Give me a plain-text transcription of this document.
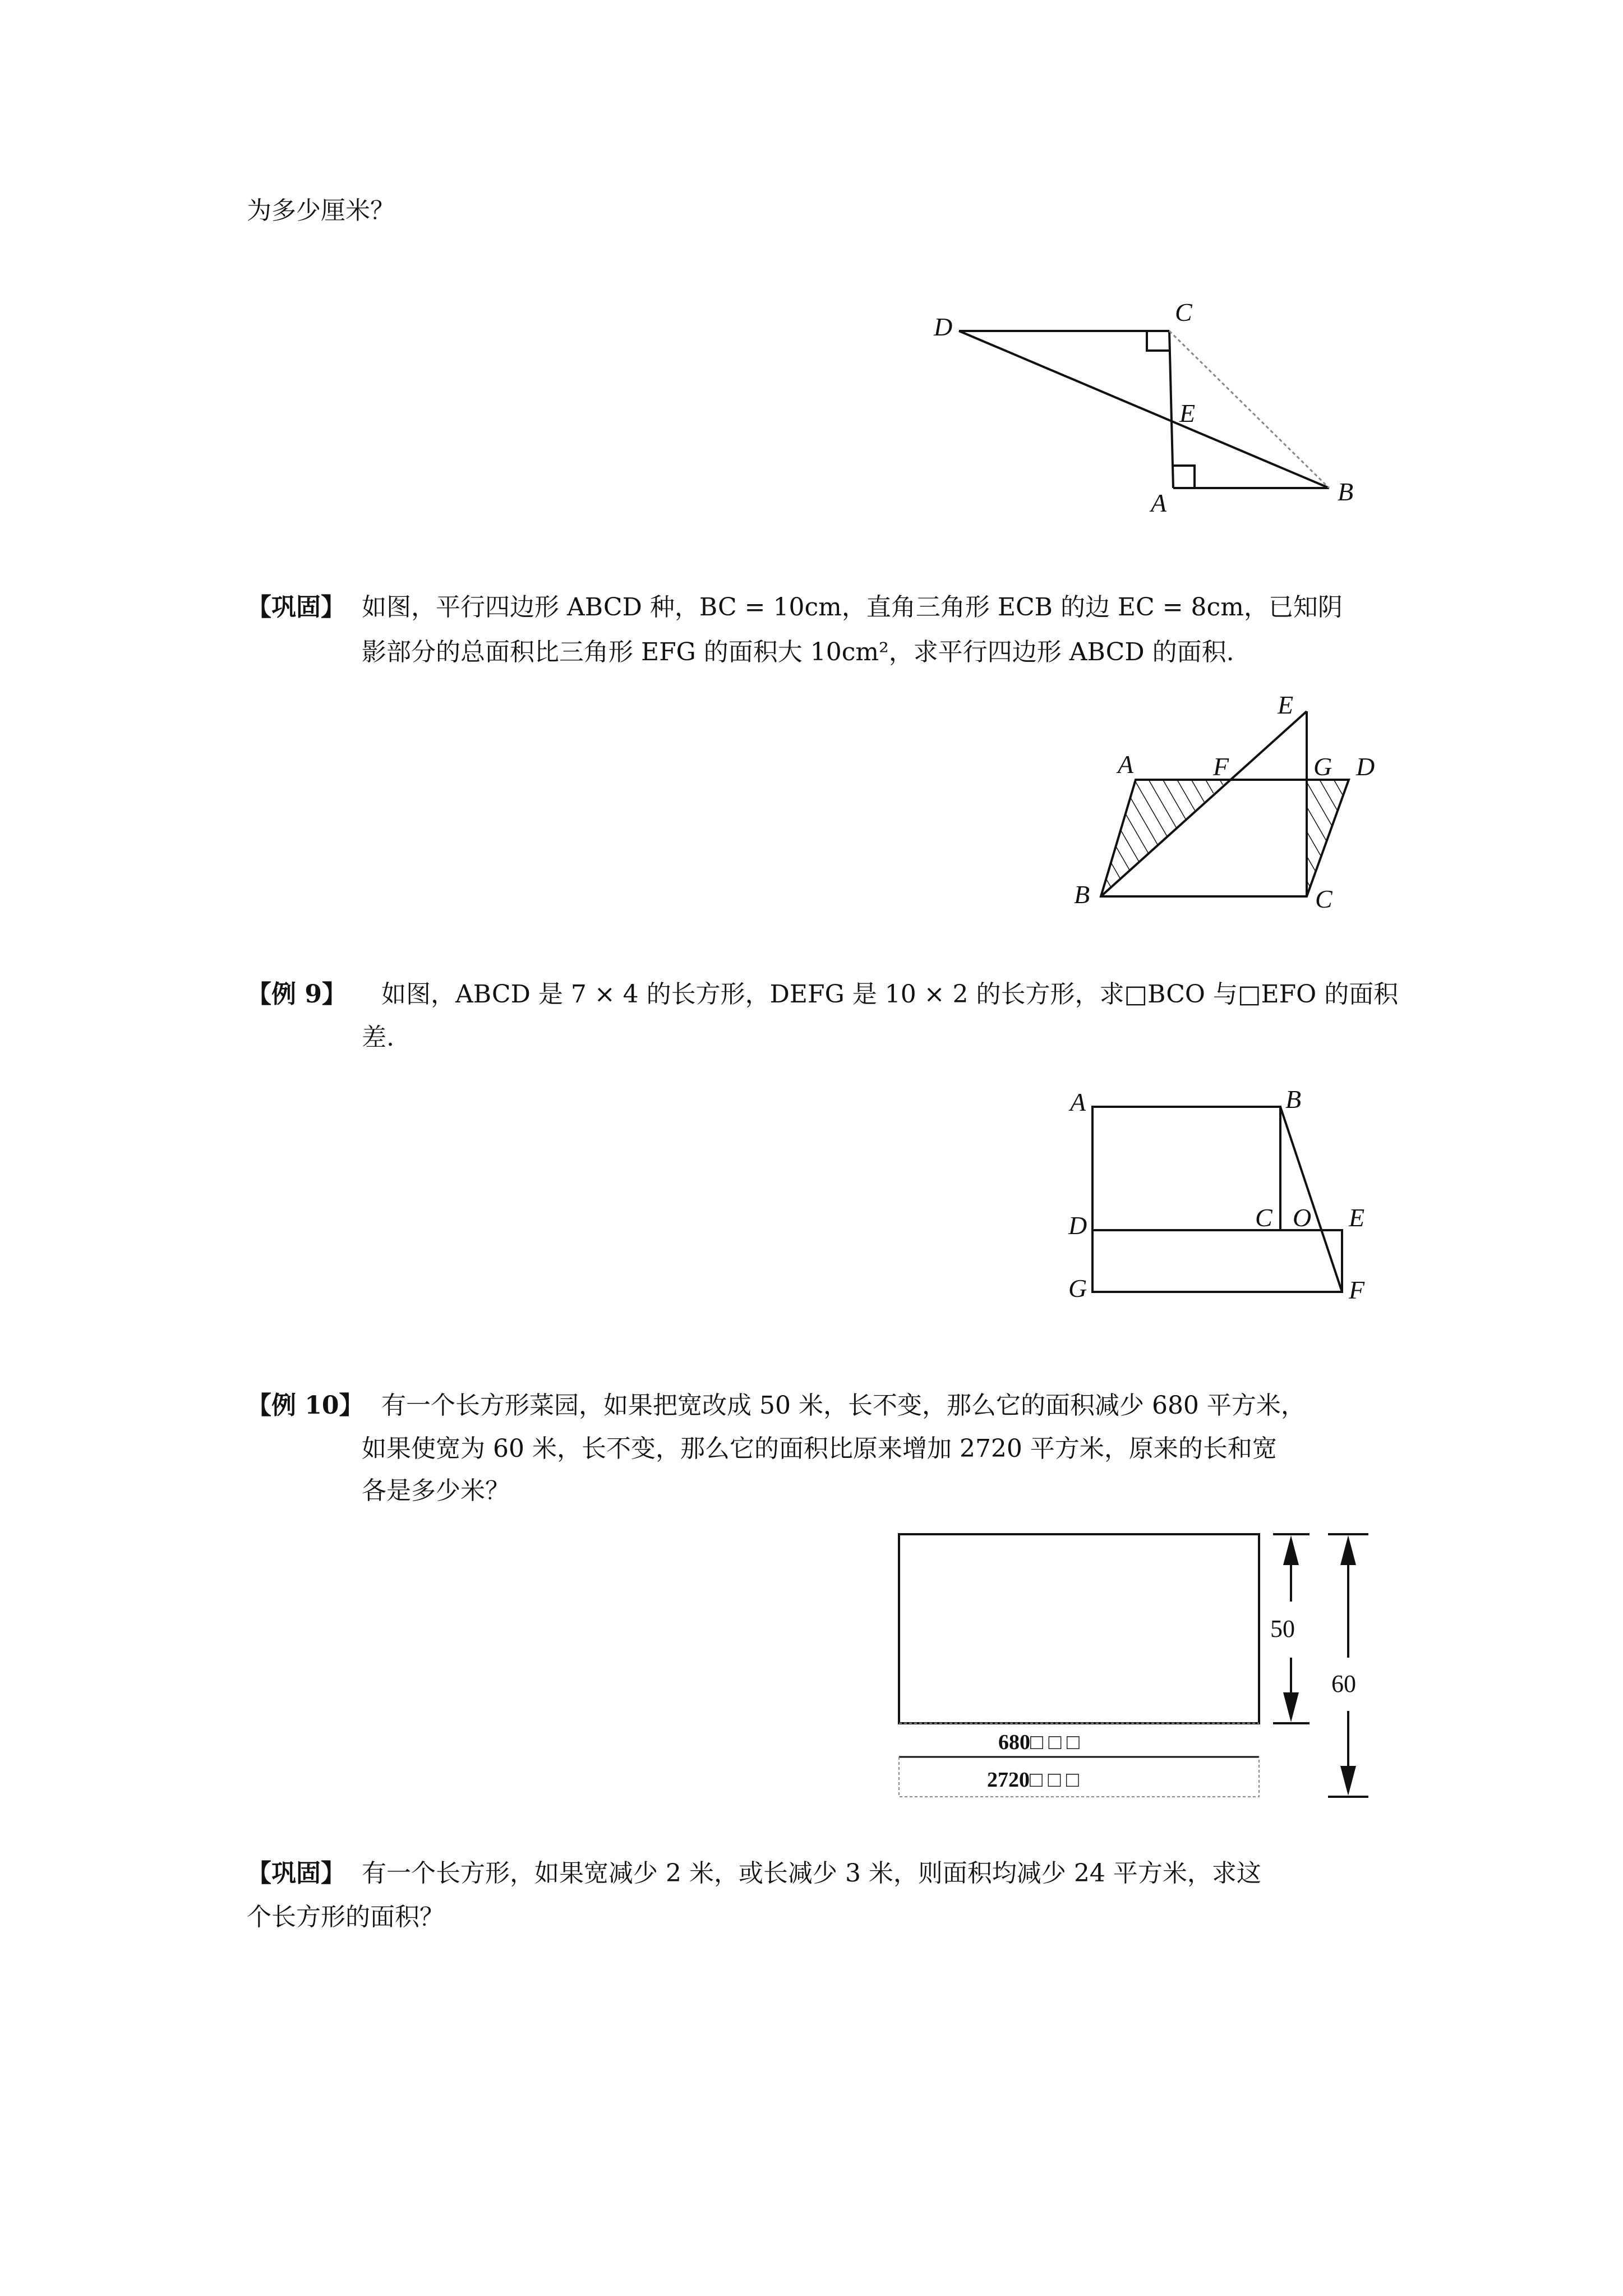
为多少厘米？
【巩固】 如图，平行四边形 ABCD 种，BC = 10cm，直角三角形 ECB 的边 EC = 8cm，已知阴
影部分的总面积比三角形 EFG 的面积大 10cm²，求平行四边形 ABCD 的面积.
【例 9】 如图，ABCD 是 7 × 4 的长方形，DEFG 是 10 × 2 的长方形，求□BCO 与□EFO 的面积
差.
【例 10】 有一个长方形菜园，如果把宽改成 50 米，长不变，那么它的面积减少 680 平方米，
如果使宽为 60 米，长不变，那么它的面积比原来增加 2720 平方米，原来的长和宽
各是多少米？
【巩固】 有一个长方形，如果宽减少 2 米，或长减少 3 米，则面积均减少 24 平方米，求这
个长方形的面积？
D
C
E
A	B
E
A	F	G D
B	C
A	B
C O E
D
G	F
680□ □ □
2720□ □ □
50
60
